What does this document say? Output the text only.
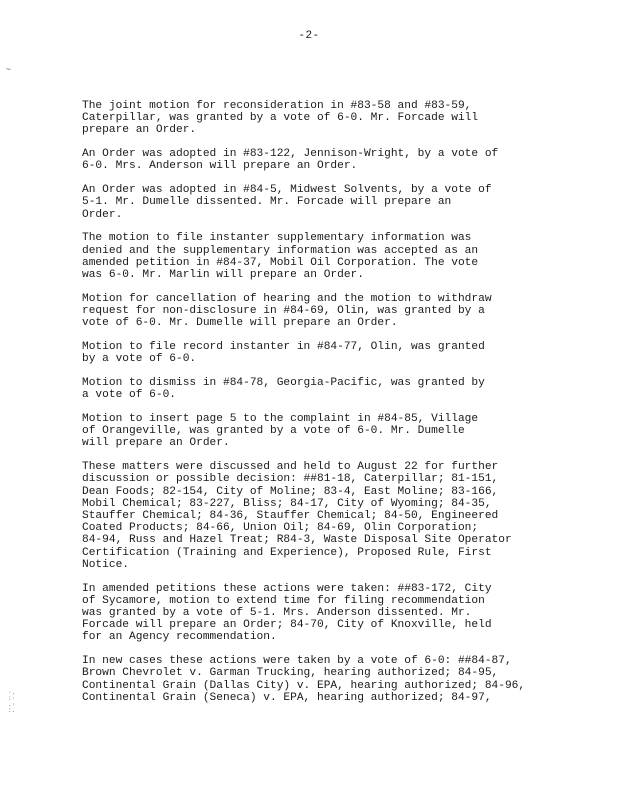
-2-
~

The joint motion for reconsideration in #83-58 and #83-59,
Caterpillar, was granted by a vote of 6-0. Mr. Forcade will
prepare an Order.

An Order was adopted in #83-122, Jennison-Wright, by a vote of
6-0. Mrs. Anderson will prepare an Order.

An Order was adopted in #84-5, Midwest Solvents, by a vote of
5-1. Mr. Dumelle dissented. Mr. Forcade will prepare an
Order.

The motion to file instanter supplementary information was
denied and the supplementary information was accepted as an
amended petition in #84-37, Mobil Oil Corporation. The vote
was 6-0. Mr. Marlin will prepare an Order.

Motion for cancellation of hearing and the motion to withdraw
request for non-disclosure in #84-69, Olin, was granted by a
vote of 6-0. Mr. Dumelle will prepare an Order.

Motion to file record instanter in #84-77, Olin, was granted
by a vote of 6-0.

Motion to dismiss in #84-78, Georgia-Pacific, was granted by
a vote of 6-0.

Motion to insert page 5 to the complaint in #84-85, Village
of Orangeville, was granted by a vote of 6-0. Mr. Dumelle
will prepare an Order.

These matters were discussed and held to August 22 for further
discussion or possible decision: ##81-18, Caterpillar; 81-151,
Dean Foods; 82-154, City of Moline; 83-4, East Moline; 83-166,
Mobil Chemical; 83-227, Bliss; 84-17, City of Wyoming; 84-35,
Stauffer Chemical; 84-36, Stauffer Chemical; 84-50, Engineered
Coated Products; 84-66, Union Oil; 84-69, Olin Corporation;
84-94, Russ and Hazel Treat; R84-3, Waste Disposal Site Operator
Certification (Training and Experience), Proposed Rule, First
Notice.

In amended petitions these actions were taken: ##83-172, City
of Sycamore, motion to extend time for filing recommendation
was granted by a vote of 5-1. Mrs. Anderson dissented. Mr.
Forcade will prepare an Order; 84-70, City of Knoxville, held
for an Agency recommendation.

In new cases these actions were taken by a vote of 6-0: ##84-87,
Brown Chevrolet v. Garman Trucking, hearing authorized; 84-95,
Continental Grain (Dallas City) v. EPA, hearing authorized; 84-96,
Continental Grain (Seneca) v. EPA, hearing authorized; 84-97,

·.
:·
.·
:.
